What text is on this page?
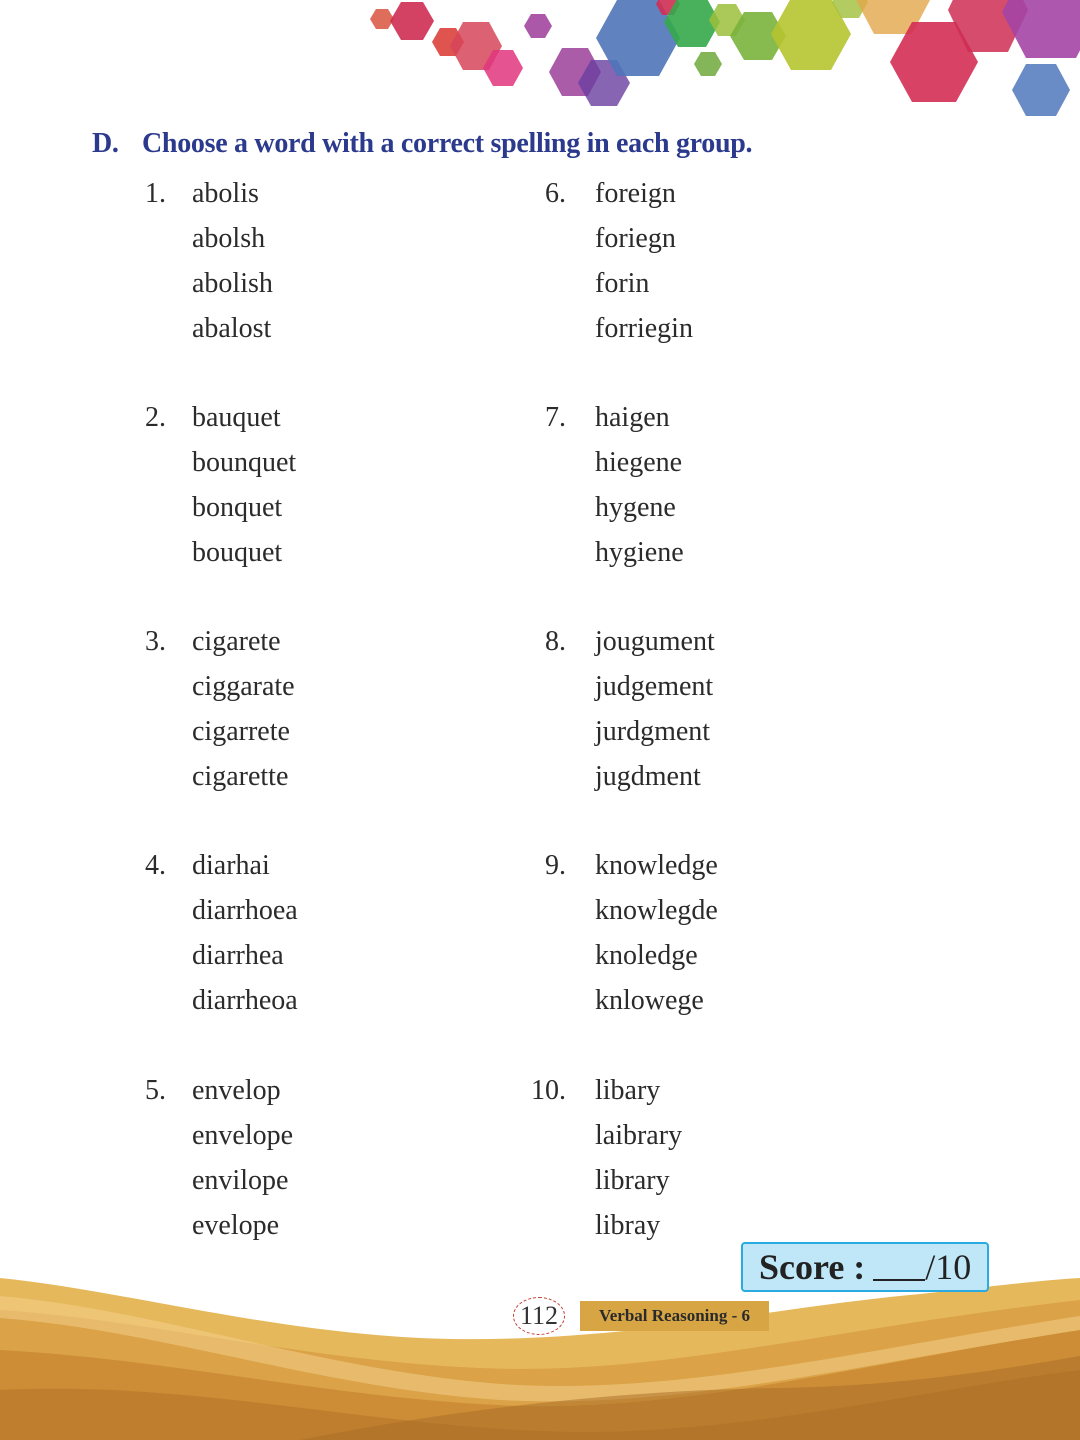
D. Choose a word with a correct spelling in each group.
1. abolis
abolsh
abolish
abalost
2. bauquet
bounquet
bonquet
bouquet
3. cigarete
ciggarate
cigarrete
cigarette
4. diarhai
diarrhoea
diarrhea
diarrheoa
5. envelop
envelope
envilope
evelope
6. foreign
foriegn
forin
forriegin
7. haigen
hiegene
hygene
hygiene
8. jougument
judgement
jurdgment
jugdment
9. knowledge
knowlegde
knoledge
knlowege
10. libary
laibrary
library
libray
Score : /10
112	Verbal Reasoning - 6
